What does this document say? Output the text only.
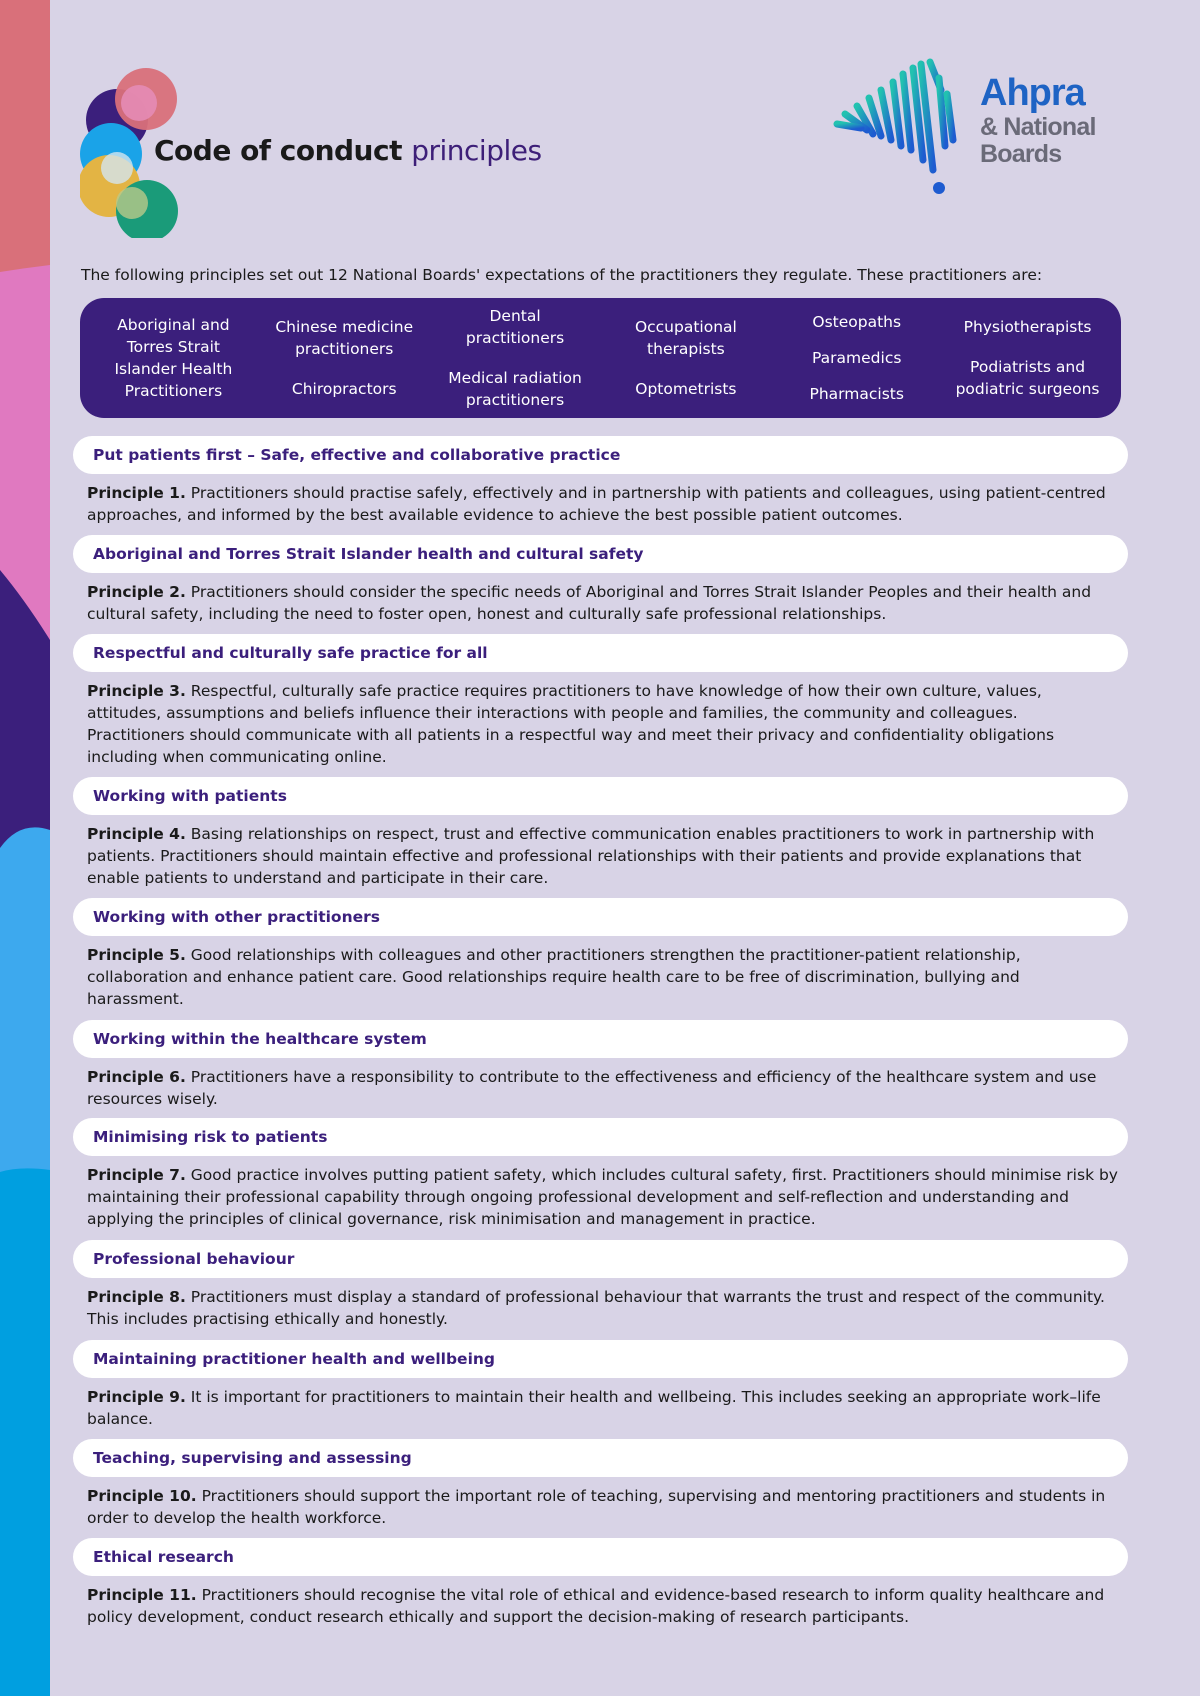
Code of conduct principles
Ahpra
& National
Boards
The following principles set out 12 National Boards' expectations of the practitioners they regulate. These practitioners are:
Aboriginal and Torres Strait Islander Health Practitioners
Chinese medicine practitioners
Chiropractors
Dental practitioners
Medical radiation practitioners
Occupational therapists
Optometrists
Osteopaths
Paramedics
Pharmacists
Physiotherapists
Podiatrists and podiatric surgeons
Put patients first – Safe, effective and collaborative practice
Principle 1. Practitioners should practise safely, effectively and in partnership with patients and colleagues, using patient-centred approaches, and informed by the best available evidence to achieve the best possible patient outcomes.
Aboriginal and Torres Strait Islander health and cultural safety
Principle 2. Practitioners should consider the specific needs of Aboriginal and Torres Strait Islander Peoples and their health and cultural safety, including the need to foster open, honest and culturally safe professional relationships.
Respectful and culturally safe practice for all
Principle 3. Respectful, culturally safe practice requires practitioners to have knowledge of how their own culture, values, attitudes, assumptions and beliefs influence their interactions with people and families, the community and colleagues. Practitioners should communicate with all patients in a respectful way and meet their privacy and confidentiality obligations including when communicating online.
Working with patients
Principle 4. Basing relationships on respect, trust and effective communication enables practitioners to work in partnership with patients. Practitioners should maintain effective and professional relationships with their patients and provide explanations that enable patients to understand and participate in their care.
Working with other practitioners
Principle 5. Good relationships with colleagues and other practitioners strengthen the practitioner-patient relationship, collaboration and enhance patient care. Good relationships require health care to be free of discrimination, bullying and harassment.
Working within the healthcare system
Principle 6. Practitioners have a responsibility to contribute to the effectiveness and efficiency of the healthcare system and use resources wisely.
Minimising risk to patients
Principle 7. Good practice involves putting patient safety, which includes cultural safety, first. Practitioners should minimise risk by maintaining their professional capability through ongoing professional development and self-reflection and understanding and applying the principles of clinical governance, risk minimisation and management in practice.
Professional behaviour
Principle 8. Practitioners must display a standard of professional behaviour that warrants the trust and respect of the community. This includes practising ethically and honestly.
Maintaining practitioner health and wellbeing
Principle 9. It is important for practitioners to maintain their health and wellbeing. This includes seeking an appropriate work–life balance.
Teaching, supervising and assessing
Principle 10. Practitioners should support the important role of teaching, supervising and mentoring practitioners and students in order to develop the health workforce.
Ethical research
Principle 11. Practitioners should recognise the vital role of ethical and evidence-based research to inform quality healthcare and policy development, conduct research ethically and support the decision-making of research participants.
